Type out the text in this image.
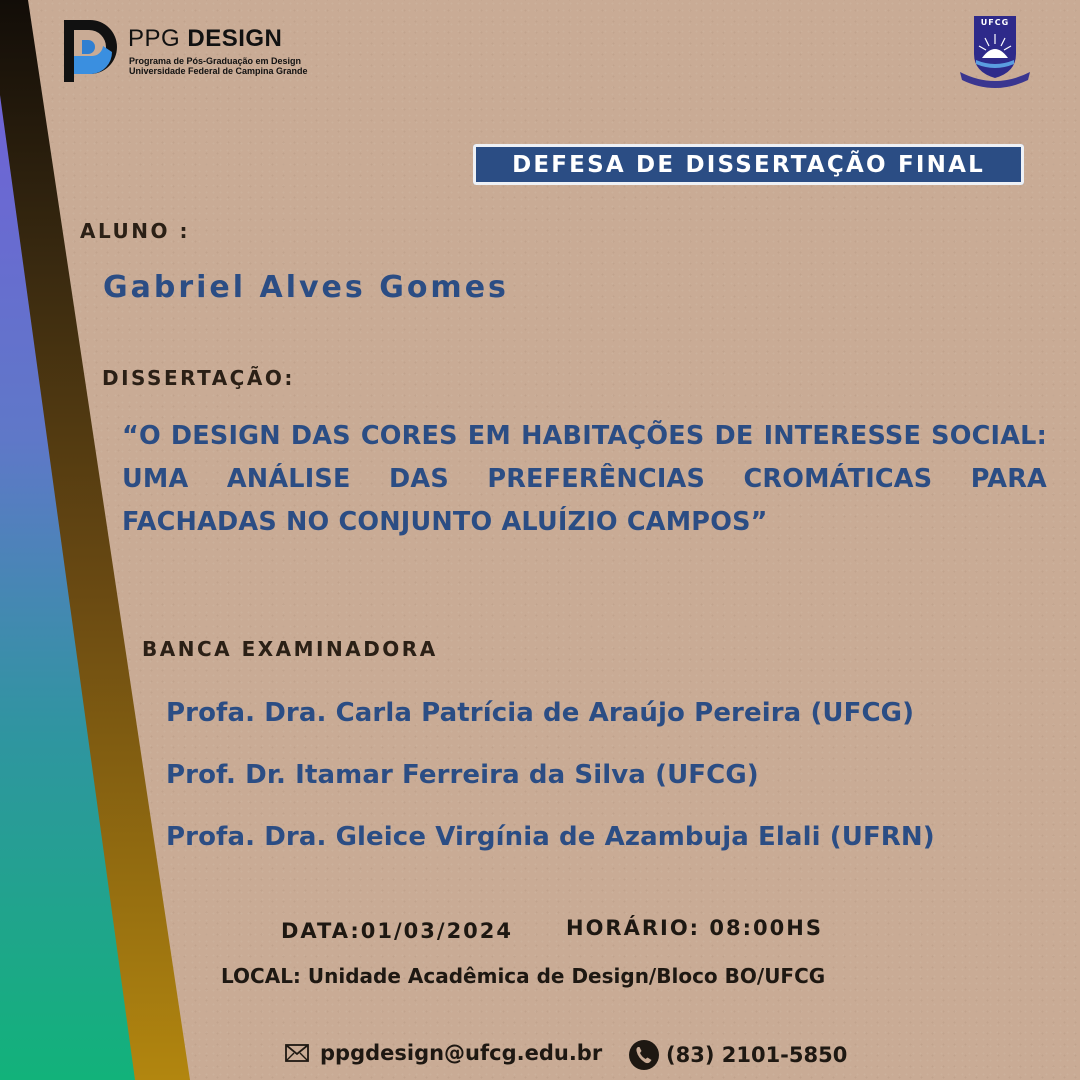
PPG DESIGN
Programa de Pós-Graduação em Design
Universidade Federal de Campina Grande
UFCG
DEFESA DE DISSERTAÇÃO FINAL
ALUNO :
Gabriel Alves Gomes
DISSERTAÇÃO:
“O DESIGN DAS CORES EM HABITAÇÕES DE INTERESSE SOCIAL: UMA ANÁLISE DAS PREFERÊNCIAS CROMÁTICAS PARA FACHADAS NO CONJUNTO ALUÍZIO CAMPOS”
BANCA EXAMINADORA
Profa. Dra. Carla Patrícia de Araújo Pereira (UFCG)
Prof. Dr. Itamar Ferreira da Silva (UFCG)
Profa. Dra. Gleice Virgínia de Azambuja Elali (UFRN)
DATA:01/03/2024	HORÁRIO: 08:00HS
LOCAL: Unidade Acadêmica de Design/Bloco BO/UFCG
ppgdesign@ufcg.edu.br	(83) 2101-5850
